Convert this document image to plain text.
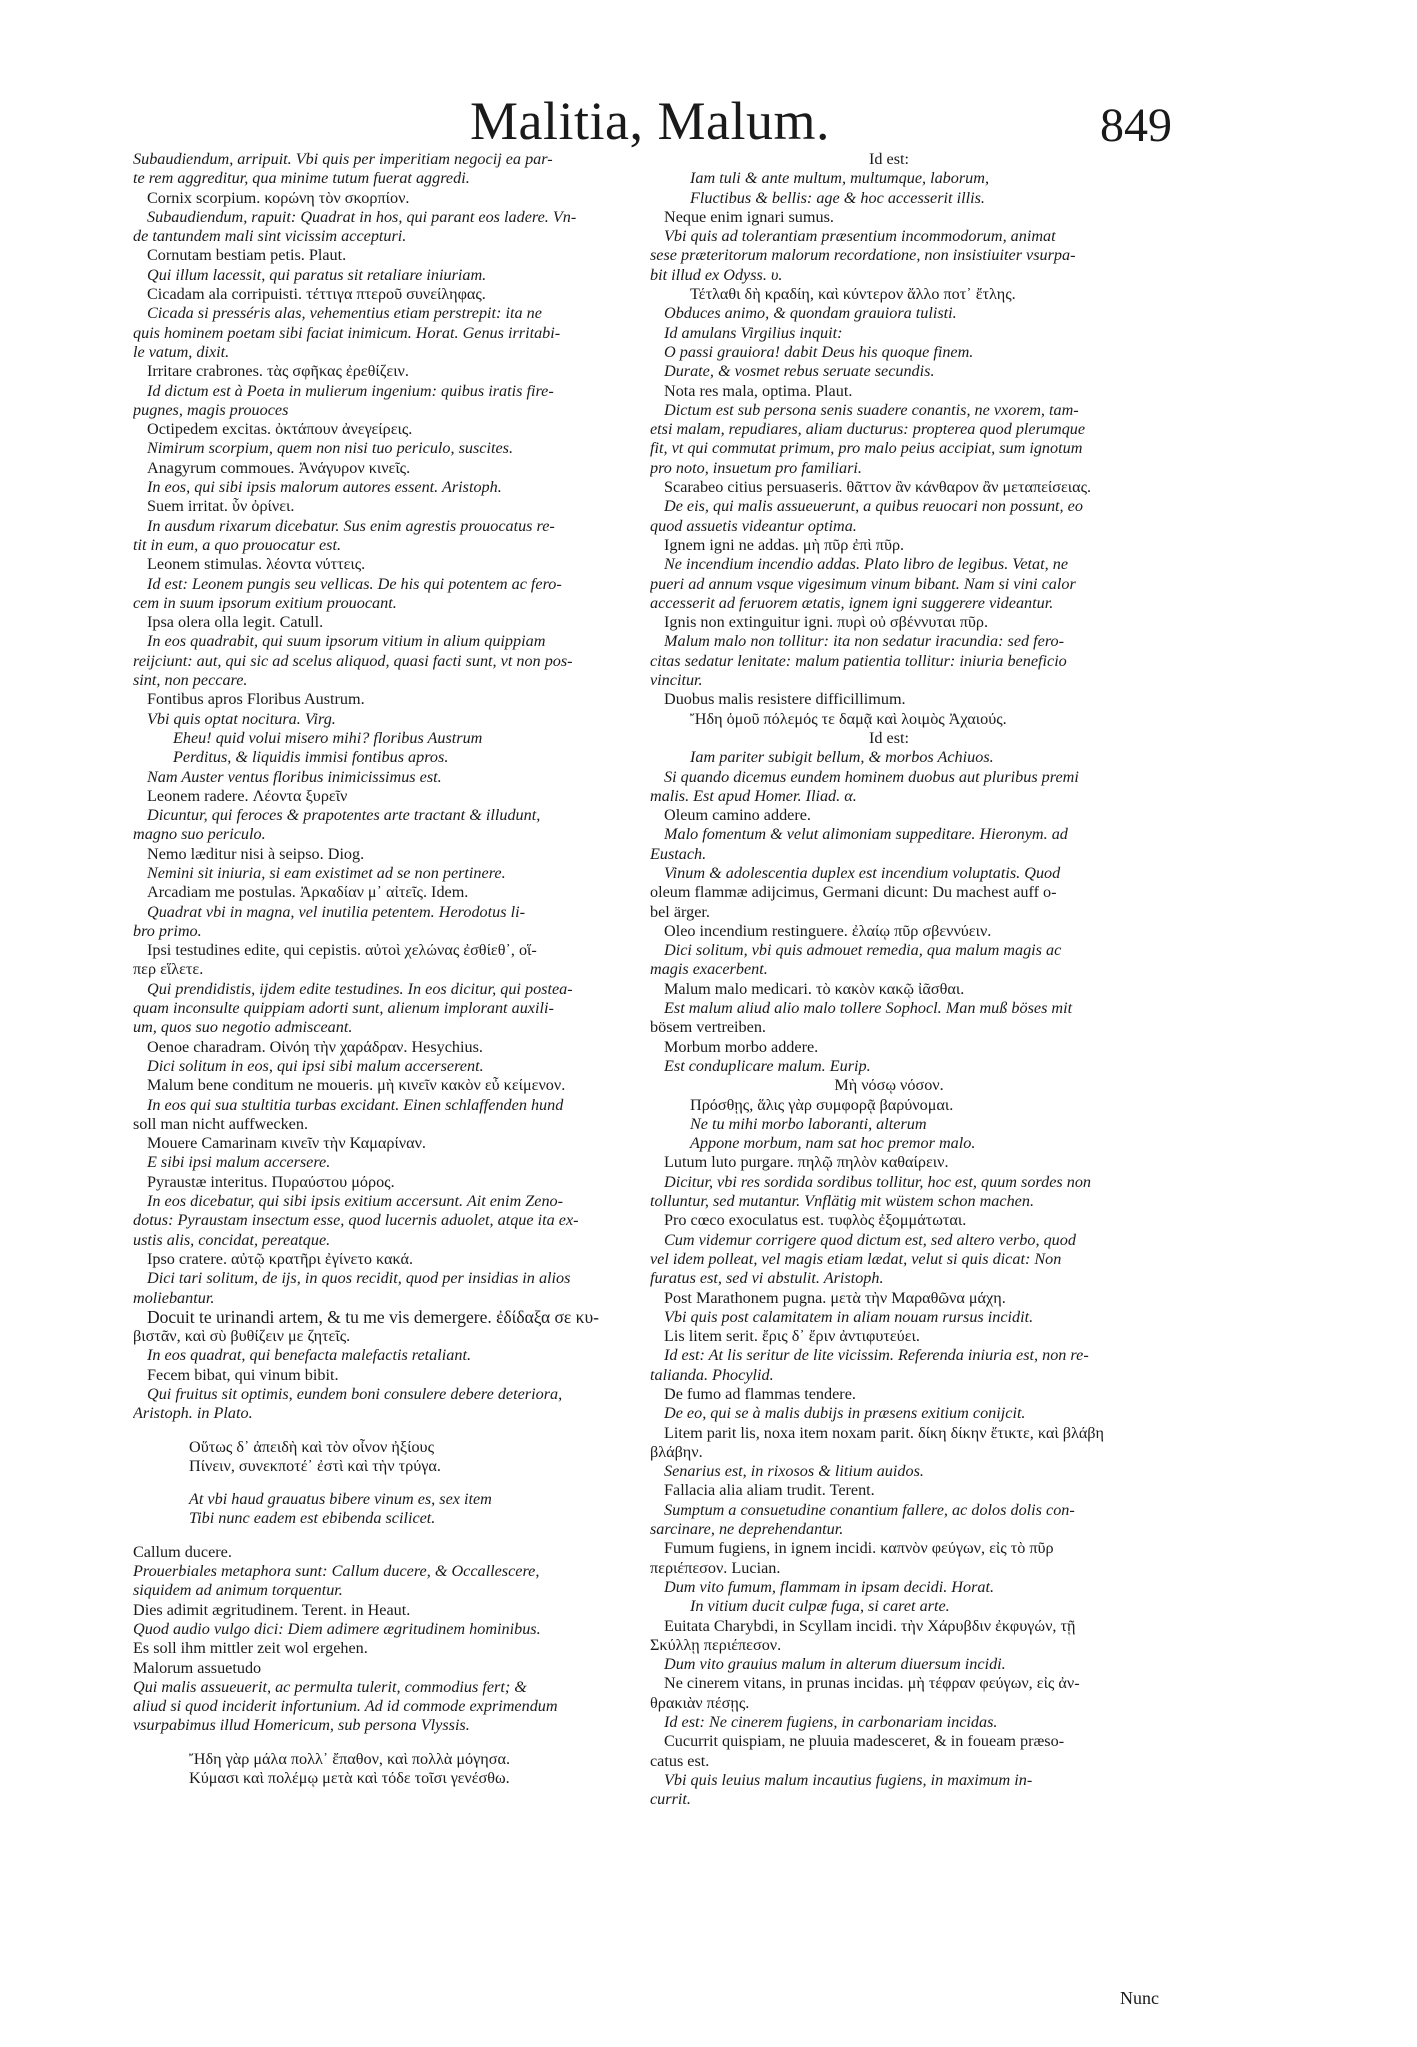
Malitia, Malum.	849
Subaudiendum, arripuit. Vbi quis per imperitiam negocij ea par-
te rem aggreditur, qua minime tutum fuerat aggredi.
Cornix scorpium. κορώνη τὸν σκορπίον.
Subaudiendum, rapuit: Quadrat in hos, qui parant eos ladere. Vn-
de tantundem mali sint vicissim accepturi.
Cornutam bestiam petis. Plaut.
Qui illum lacessit, qui paratus sit retaliare iniuriam.
Cicadam ala corripuisti. τέττιγα πτεροῦ συνείληφας.
Cicada si presséris alas, vehementius etiam perstrepit: ita ne
quis hominem poetam sibi faciat inimicum. Horat. Genus irritabi-
le vatum, dixit.
Irritare crabrones. τὰς σφῆκας ἐρεθίζειν.
Id dictum est à Poeta in mulierum ingenium: quibus iratis fire-
pugnes, magis prouoces
Octipedem excitas. ὀκτάπουν ἀνεγείρεις.
Nimirum scorpium, quem non nisi tuo periculo, suscites.
Anagyrum commoues. Ἀνάγυρον κινεῖς.
In eos, qui sibi ipsis malorum autores essent. Aristoph.
Suem irritat. ὗν ὀρίνει.
In ausdum rixarum dicebatur. Sus enim agrestis prouocatus re-
tit in eum, a quo prouocatur est.
Leonem stimulas. λέοντα νύττεις.
Id est: Leonem pungis seu vellicas. De his qui potentem ac fero-
cem in suum ipsorum exitium prouocant.
Ipsa olera olla legit. Catull.
In eos quadrabit, qui suum ipsorum vitium in alium quippiam
reijciunt: aut, qui sic ad scelus aliquod, quasi facti sunt, vt non pos-
sint, non peccare.
Fontibus apros Floribus Austrum.
Vbi quis optat nocitura. Virg.
Eheu! quid volui misero mihi? floribus Austrum
Perditus, & liquidis immisi fontibus apros.
Nam Auster ventus floribus inimicissimus est.
Leonem radere. Λέοντα ξυρεῖν
Dicuntur, qui feroces & prapotentes arte tractant & illudunt,
magno suo periculo.
Nemo læditur nisi à seipso. Diog.
Nemini sit iniuria, si eam existimet ad se non pertinere.
Arcadiam me postulas. Ἀρκαδίαν μ᾽ αἰτεῖς. Idem.
Quadrat vbi in magna, vel inutilia petentem. Herodotus li-
bro primo.
Ipsi testudines edite, qui cepistis. αὐτοὶ χελώνας ἐσθίεθ᾽, οἵ-
περ εἵλετε.
Qui prendidistis, ijdem edite testudines. In eos dicitur, qui postea-
quam inconsulte quippiam adorti sunt, alienum implorant auxili-
um, quos suo negotio admisceant.
Oenoe charadram. Οἰνόη τὴν χαράδραν. Hesychius.
Dici solitum in eos, qui ipsi sibi malum accerserent.
Malum bene conditum ne moueris. μὴ κινεῖν κακὸν εὖ κείμενον.
In eos qui sua stultitia turbas excidant. Einen schlaffenden hund
soll man nicht auffwecken.
Mouere Camarinam κινεῖν τὴν Καμαρίναν.
E sibi ipsi malum accersere.
Pyraustæ interitus. Πυραύστου μόρος.
In eos dicebatur, qui sibi ipsis exitium accersunt. Ait enim Zeno-
dotus: Pyraustam insectum esse, quod lucernis aduolet, atque ita ex-
ustis alis, concidat, pereatque.
Ipso cratere. αὐτῷ κρατῆρι ἐγίνετο κακά.
Dici tari solitum, de ijs, in quos recidit, quod per insidias in alios
moliebantur.
Docuit te urinandi artem, & tu me vis demergere. ἐδίδαξα σε κυ-
βιστᾶν, καὶ σὺ βυθίζειν με ζητεῖς.
In eos quadrat, qui benefacta malefactis retaliant.
Fecem bibat, qui vinum bibit.
Qui fruitus sit optimis, eundem boni consulere debere deteriora,
Aristoph. in Plato.
Οὕτως δ᾽ ἀπειδὴ καὶ τὸν οἶνον ἠξίους
Πίνειν, συνεκποτέ᾽ ἐστὶ καὶ τὴν τρύγα.
At vbi haud grauatus bibere vinum es, sex item
Tibi nunc eadem est ebibenda scilicet.
Callum ducere.
Prouerbiales metaphora sunt: Callum ducere, & Occallescere,
siquidem ad animum torquentur.
Dies adimit ægritudinem. Terent. in Heaut.
Quod audio vulgo dici: Diem adimere ægritudinem hominibus.
Es soll ihm mittler zeit wol ergehen.
Malorum assuetudo
Qui malis assueuerit, ac permulta tulerit, commodius fert; &
aliud si quod inciderit infortunium. Ad id commode exprimendum
vsurpabimus illud Homericum, sub persona Vlyssis.
Ἤδη γὰρ μάλα πολλ᾽ ἔπαθον, καὶ πολλὰ μόγησα.
Κύμασι καὶ πολέμῳ μετὰ καὶ τόδε τοῖσι γενέσθω.
Id est:
Iam tuli & ante multum, multumque, laborum,
Fluctibus & bellis: age & hoc accesserit illis.
Neque enim ignari sumus.
Vbi quis ad tolerantiam præsentium incommodorum, animat
sese præteritorum malorum recordatione, non insistiuiter vsurpa-
bit illud ex Odyss. υ.
Τέτλαθι δὴ κραδίη, καὶ κύντερον ἄλλο ποτ᾽ ἔτλης.
Obduces animo, & quondam grauiora tulisti.
Id amulans Virgilius inquit:
O passi grauiora! dabit Deus his quoque finem.
Durate, & vosmet rebus seruate secundis.
Nota res mala, optima. Plaut.
Dictum est sub persona senis suadere conantis, ne vxorem, tam-
etsi malam, repudiares, aliam ducturus: propterea quod plerumque
fit, vt qui commutat primum, pro malo peius accipiat, sum ignotum
pro noto, insuetum pro familiari.
Scarabeo citius persuaseris. θᾶττον ἂν κάνθαρον ἂν μεταπείσειας.
De eis, qui malis assueuerunt, a quibus reuocari non possunt, eo
quod assuetis videantur optima.
Ignem igni ne addas. μὴ πῦρ ἐπὶ πῦρ.
Ne incendium incendio addas. Plato libro de legibus. Vetat, ne
pueri ad annum vsque vigesimum vinum bibant. Nam si vini calor
accesserit ad feruorem ætatis, ignem igni suggerere videantur.
Ignis non extinguitur igni. πυρὶ οὐ σβέννυται πῦρ.
Malum malo non tollitur: ita non sedatur iracundia: sed fero-
citas sedatur lenitate: malum patientia tollitur: iniuria beneficio
vincitur.
Duobus malis resistere difficillimum.
Ἤδη ὁμοῦ πόλεμός τε δαμᾷ καὶ λοιμὸς Ἀχαιούς.
Id est:
Iam pariter subigit bellum, & morbos Achiuos.
Si quando dicemus eundem hominem duobus aut pluribus premi
malis. Est apud Homer. Iliad. α.
Oleum camino addere.
Malo fomentum & velut alimoniam suppeditare. Hieronym. ad
Eustach.
Vinum & adolescentia duplex est incendium voluptatis. Quod
oleum flammæ adijcimus, Germani dicunt: Du machest auff o-
bel ärger.
Oleo incendium restinguere. ἐλαίῳ πῦρ σβεννύειν.
Dici solitum, vbi quis admouet remedia, qua malum magis ac
magis exacerbent.
Malum malo medicari. τὸ κακὸν κακῷ ἰᾶσθαι.
Est malum aliud alio malo tollere Sophocl. Man muß böses mit
bösem vertreiben.
Morbum morbo addere.
Est conduplicare malum. Eurip.
Μὴ νόσῳ νόσον.
Πρόσθῃς, ἅλις γὰρ συμφορᾷ βαρύνομαι.
Ne tu mihi morbo laboranti, alterum
Appone morbum, nam sat hoc premor malo.
Lutum luto purgare. πηλῷ πηλὸν καθαίρειν.
Dicitur, vbi res sordida sordibus tollitur, hoc est, quum sordes non
tolluntur, sed mutantur. Vnflätig mit wüstem schon machen.
Pro cœco exoculatus est. τυφλὸς ἐξομμάτωται.
Cum videmur corrigere quod dictum est, sed altero verbo, quod
vel idem polleat, vel magis etiam lædat, velut si quis dicat: Non
furatus est, sed vi abstulit. Aristoph.
Post Marathonem pugna. μετὰ τὴν Μαραθῶνα μάχη.
Vbi quis post calamitatem in aliam nouam rursus incidit.
Lis litem serit. ἔρις δ᾽ ἔριν ἀντιφυτεύει.
Id est: At lis seritur de lite vicissim. Referenda iniuria est, non re-
taliandа. Phocylid.
De fumo ad flammas tendere.
De eo, qui se à malis dubijs in præsens exitium conijcit.
Litem parit lis, noxa item noxam parit. δίκη δίκην ἔτικτε, καὶ βλάβη
βλάβην.
Senarius est, in rixosos & litium auidos.
Fallacia alia aliam trudit. Terent.
Sumptum a consuetudine conantium fallere, ac dolos dolis con-
sarcinare, ne deprehendantur.
Fumum fugiens, in ignem incidi. καπνὸν φεύγων, εἰς τὸ πῦρ
περιέπεσον. Lucian.
Dum vito fumum, flammam in ipsam decidi. Horat.
In vitium ducit culpæ fuga, si caret arte.
Euitata Charybdi, in Scyllam incidi. τὴν Χάρυβδιν ἐκφυγών, τῇ
Σκύλλῃ περιέπεσον.
Dum vito grauius malum in alterum diuersum incidi.
Ne cinerem vitans, in prunas incidas. μὴ τέφραν φεύγων, εἰς ἀν-
θρακιὰν πέσῃς.
Id est: Ne cinerem fugiens, in carbonariam incidas.
Cucurrit quispiam, ne pluuia madesceret, & in foueam præso-
catus est.
Vbi quis leuius malum incautius fugiens, in maximum in-
currit.
Nunc
